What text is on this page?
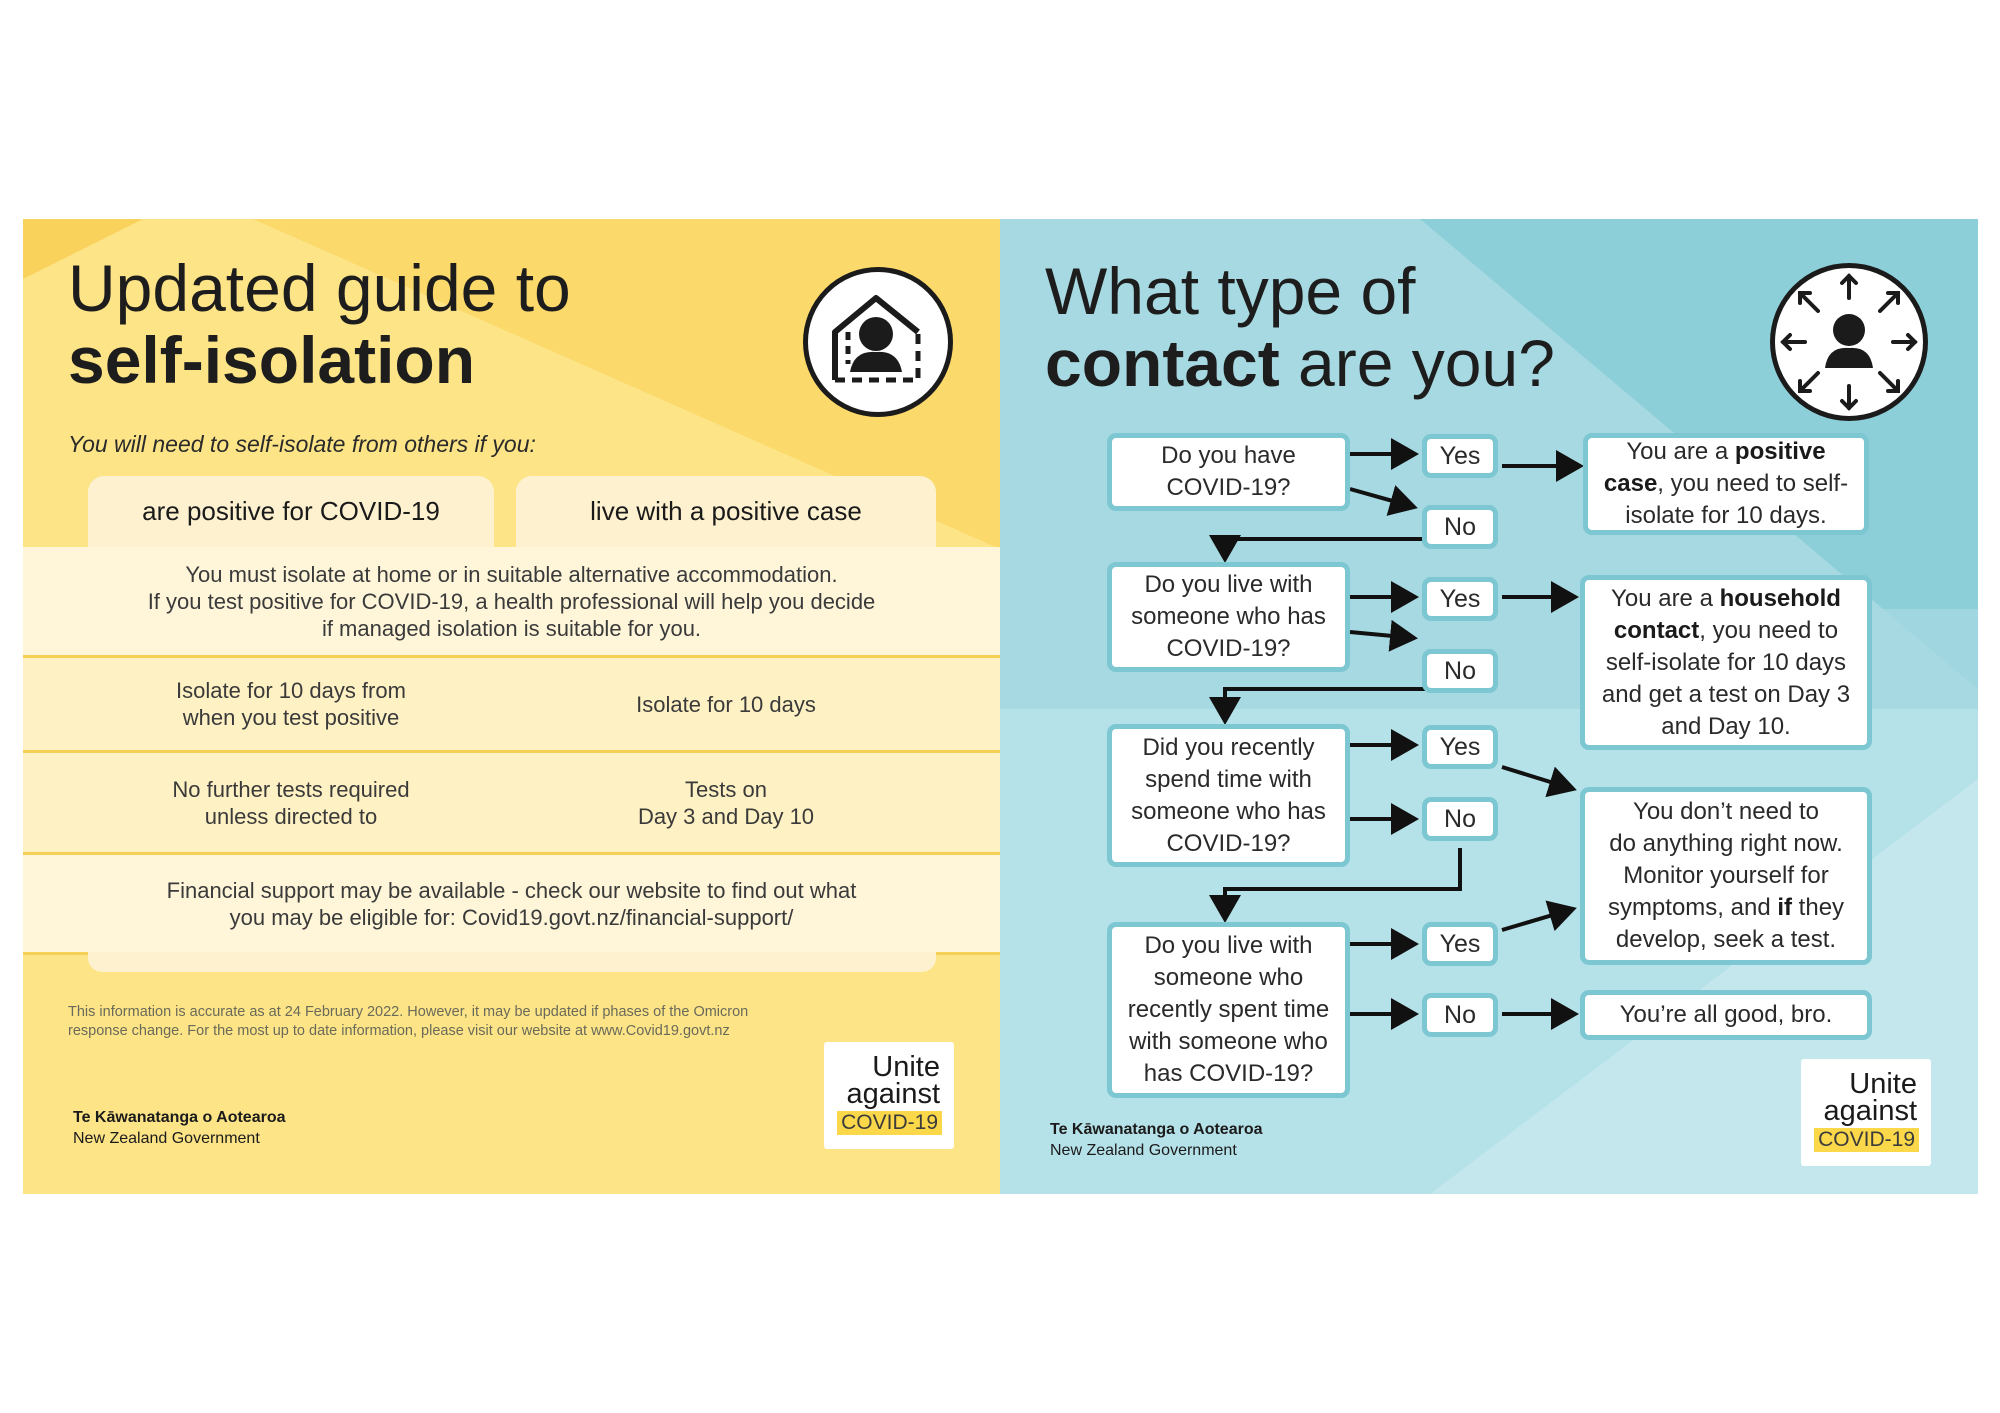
Updated guide to
self-isolation
You will need to self-isolate from others if you:
are positive for COVID-19	live with a positive case
You must isolate at home or in suitable alternative accommodation.
If you test positive for COVID-19, a health professional will help you decide
if managed isolation is suitable for you.
Isolate for 10 days from
when you test positive
Isolate for 10 days
No further tests required
unless directed to
Tests on
Day 3 and Day 10
Financial support may be available - check our website to find out what
you may be eligible for: Covid19.govt.nz/financial-support/
This information is accurate as at 24 February 2022. However, it may be updated if phases of the Omicron
response change. For the most up to date information, please visit our website at www.Covid19.govt.nz
Te Kāwanatanga o Aotearoa
New Zealand Government
Unite
against
COVID-19
What type of
contact are you?
Do you have
COVID-19?
Do you live with
someone who has
COVID-19?
Did you recently
spend time with
someone who has
COVID-19?
Do you live with
someone who
recently spent time
with someone who
has COVID-19?
Yes
No
Yes
No
Yes
No
Yes
No
You are a positive
case, you need to self-
isolate for 10 days.
You are a household
contact, you need to
self-isolate for 10 days
and get a test on Day 3
and Day 10.
You don’t need to
do anything right now.
Monitor yourself for
symptoms, and if they
develop, seek a test.
You’re all good, bro.
Te Kāwanatanga o Aotearoa
New Zealand Government
Unite
against
COVID-19
